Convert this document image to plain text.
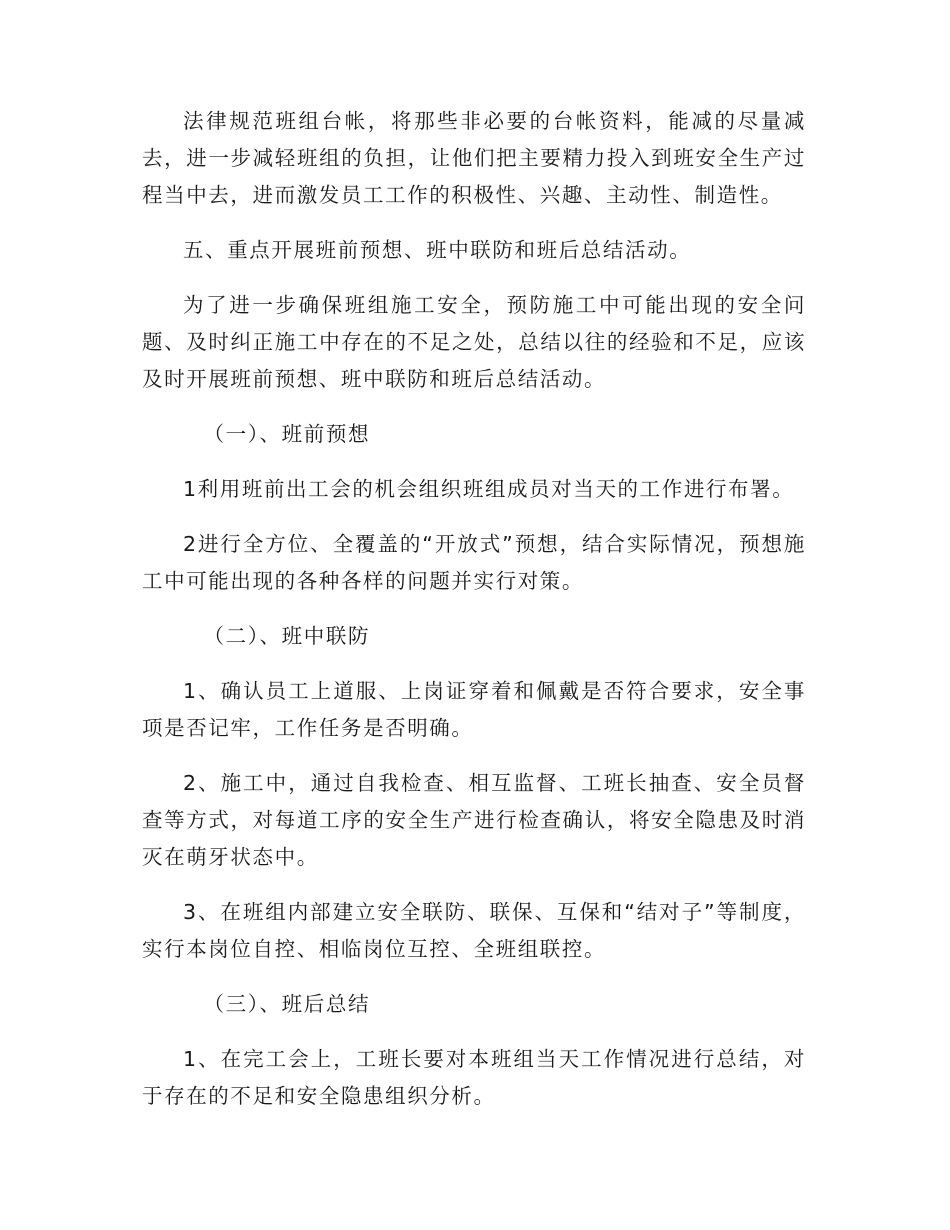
法律规范班组台帐，将那些非必要的台帐资料，能减的尽量减去，进一步减轻班组的负担，让他们把主要精力投入到班安全生产过程当中去，进而激发员工工作的积极性、兴趣、主动性、制造性。

五、重点开展班前预想、班中联防和班后总结活动。

为了进一步确保班组施工安全，预防施工中可能出现的安全问题、及时纠正施工中存在的不足之处，总结以往的经验和不足，应该及时开展班前预想、班中联防和班后总结活动。

（一）、班前预想

1利用班前出工会的机会组织班组成员对当天的工作进行布署。

2进行全方位、全覆盖的“开放式”预想，结合实际情况，预想施工中可能出现的各种各样的问题并实行对策。

（二）、班中联防

1、确认员工上道服、上岗证穿着和佩戴是否符合要求，安全事项是否记牢，工作任务是否明确。

2、施工中，通过自我检查、相互监督、工班长抽查、安全员督查等方式，对每道工序的安全生产进行检查确认，将安全隐患及时消灭在萌牙状态中。

3、在班组内部建立安全联防、联保、互保和“结对子”等制度，实行本岗位自控、相临岗位互控、全班组联控。

（三）、班后总结

1、在完工会上，工班长要对本班组当天工作情况进行总结，对于存在的不足和安全隐患组织分析。
